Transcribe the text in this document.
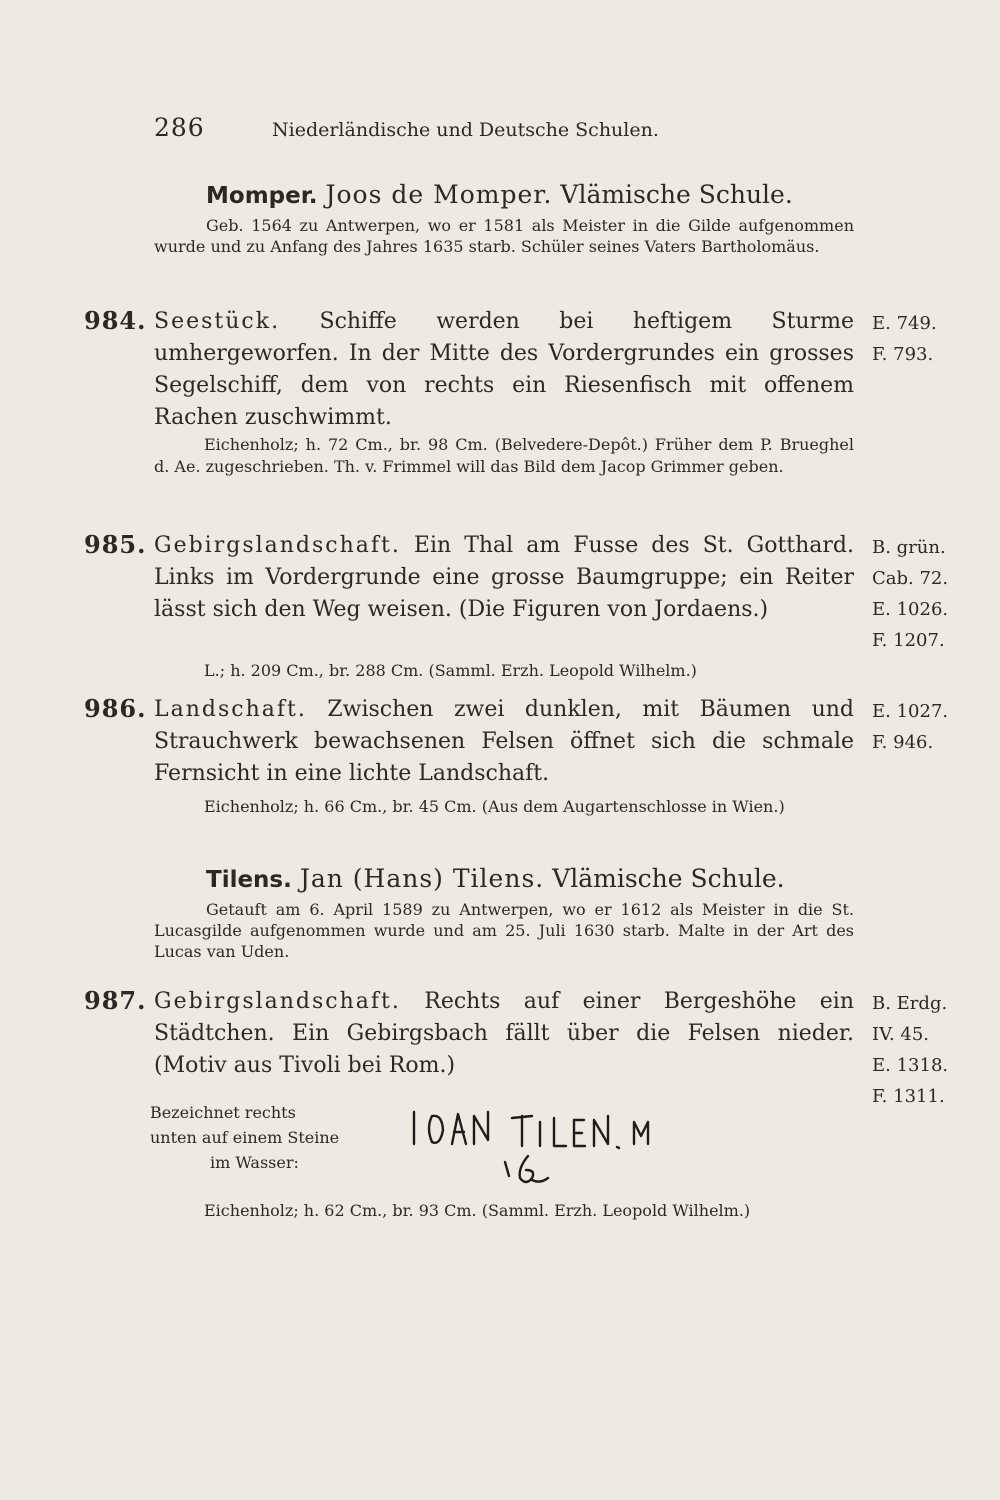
286	Niederländische und Deutsche Schulen.
Momper. Joos de Momper. Vlämische Schule.
Geb. 1564 zu Antwerpen, wo er 1581 als Meister in die Gilde aufgenommen wurde und zu Anfang des Jahres 1635 starb. Schüler seines Vaters Bartholomäus.
984. Seestück. Schiffe werden bei heftigem Sturme umhergeworfen. In der Mitte des Vordergrundes ein grosses Segelschiff, dem von rechts ein Riesenfisch mit offenem Rachen zuschwimmt.
E. 749.
F. 793.
Eichenholz; h. 72 Cm., br. 98 Cm. (Belvedere-Depôt.) Früher dem P. Brueghel d. Ae. zugeschrieben. Th. v. Frimmel will das Bild dem Jacop Grimmer geben.
985. Gebirgslandschaft. Ein Thal am Fusse des St. Gotthard. Links im Vordergrunde eine grosse Baumgruppe; ein Reiter lässt sich den Weg weisen. (Die Figuren von Jordaens.)
B. grün.
Cab. 72.
E. 1026.
F. 1207.
L.; h. 209 Cm., br. 288 Cm. (Samml. Erzh. Leopold Wilhelm.)
986. Landschaft. Zwischen zwei dunklen, mit Bäumen und Strauchwerk bewachsenen Felsen öffnet sich die schmale Fernsicht in eine lichte Landschaft.
E. 1027.
F. 946.
Eichenholz; h. 66 Cm., br. 45 Cm. (Aus dem Augartenschlosse in Wien.)
Tilens. Jan (Hans) Tilens. Vlämische Schule.
Getauft am 6. April 1589 zu Antwerpen, wo er 1612 als Meister in die St. Lucasgilde aufgenommen wurde und am 25. Juli 1630 starb. Malte in der Art des Lucas van Uden.
987. Gebirgslandschaft. Rechts auf einer Bergeshöhe ein Städtchen. Ein Gebirgsbach fällt über die Felsen nieder. (Motiv aus Tivoli bei Rom.)
B. Erdg.
IV. 45.
E. 1318.
F. 1311.
Bezeichnet rechts
unten auf einem Steine
im Wasser:
Eichenholz; h. 62 Cm., br. 93 Cm. (Samml. Erzh. Leopold Wilhelm.)
